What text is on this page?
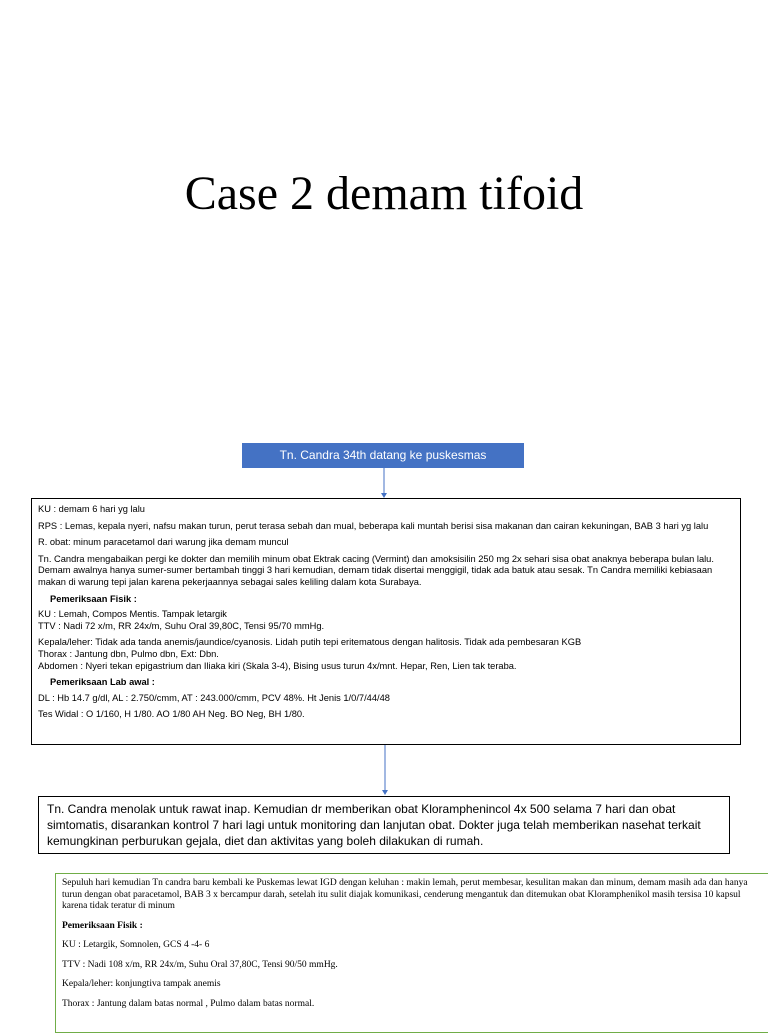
Case 2 demam tifoid
Tn. Candra 34th datang ke puskesmas

KU : demam 6 hari yg lalu

RPS : Lemas, kepala nyeri, nafsu makan turun, perut terasa sebah dan mual, beberapa kali muntah berisi sisa makanan dan cairan kekuningan, BAB 3 hari yg lalu

R. obat: minum paracetamol dari warung jika demam muncul

Tn. Candra mengabaikan pergi ke dokter dan memilih minum obat Ektrak cacing (Vermint) dan amoksisilin 250 mg 2x sehari sisa obat anaknya beberapa bulan lalu. Demam awalnya hanya sumer-sumer bertambah tinggi 3 hari kemudian, demam tidak disertai menggigil, tidak ada batuk atau sesak. Tn Candra memiliki kebiasaan makan di warung tepi jalan karena pekerjaannya sebagai sales keliling dalam kota Surabaya.

Pemeriksaan Fisik :

KU : Lemah, Compos Mentis. Tampak letargik

TTV : Nadi 72 x/m, RR 24x/m, Suhu Oral 39,80C, Tensi 95/70 mmHg.

Kepala/leher: Tidak ada tanda anemis/jaundice/cyanosis. Lidah putih tepi eritematous dengan halitosis. Tidak ada pembesaran KGB

Thorax : Jantung dbn, Pulmo dbn, Ext: Dbn.

Abdomen : Nyeri tekan epigastrium dan Iliaka kiri (Skala 3-4), Bising usus turun 4x/mnt. Hepar, Ren, Lien tak teraba.

Pemeriksaan Lab awal :

DL : Hb 14.7 g/dl, AL : 2.750/cmm, AT : 243.000/cmm, PCV 48%. Ht Jenis 1/0/7/44/48

Tes Widal : O 1/160, H 1/80. AO 1/80 AH Neg. BO Neg, BH 1/80.

Tn. Candra menolak untuk rawat inap. Kemudian dr memberikan obat Kloramphenincol 4x 500 selama 7 hari dan obat simtomatis, disarankan kontrol 7 hari lagi untuk monitoring dan lanjutan obat. Dokter juga telah memberikan nasehat terkait kemungkinan perburukan gejala, diet dan aktivitas yang boleh dilakukan di rumah.

Sepuluh hari kemudian Tn candra baru kembali ke Puskemas lewat IGD dengan keluhan : makin lemah, perut membesar, kesulitan makan dan minum, demam masih ada dan hanya turun dengan obat paracetamol, BAB 3 x bercampur darah, setelah itu sulit diajak komunikasi, cenderung mengantuk dan ditemukan obat Kloramphenikol masih tersisa 10 kapsul karena tidak teratur di minum

Pemeriksaan Fisik :

KU : Letargik, Somnolen, GCS 4 -4- 6

TTV : Nadi 108 x/m, RR 24x/m, Suhu Oral 37,80C, Tensi 90/50 mmHg.

Kepala/leher: konjungtiva tampak anemis

Thorax : Jantung dalam batas normal , Pulmo dalam batas normal.
